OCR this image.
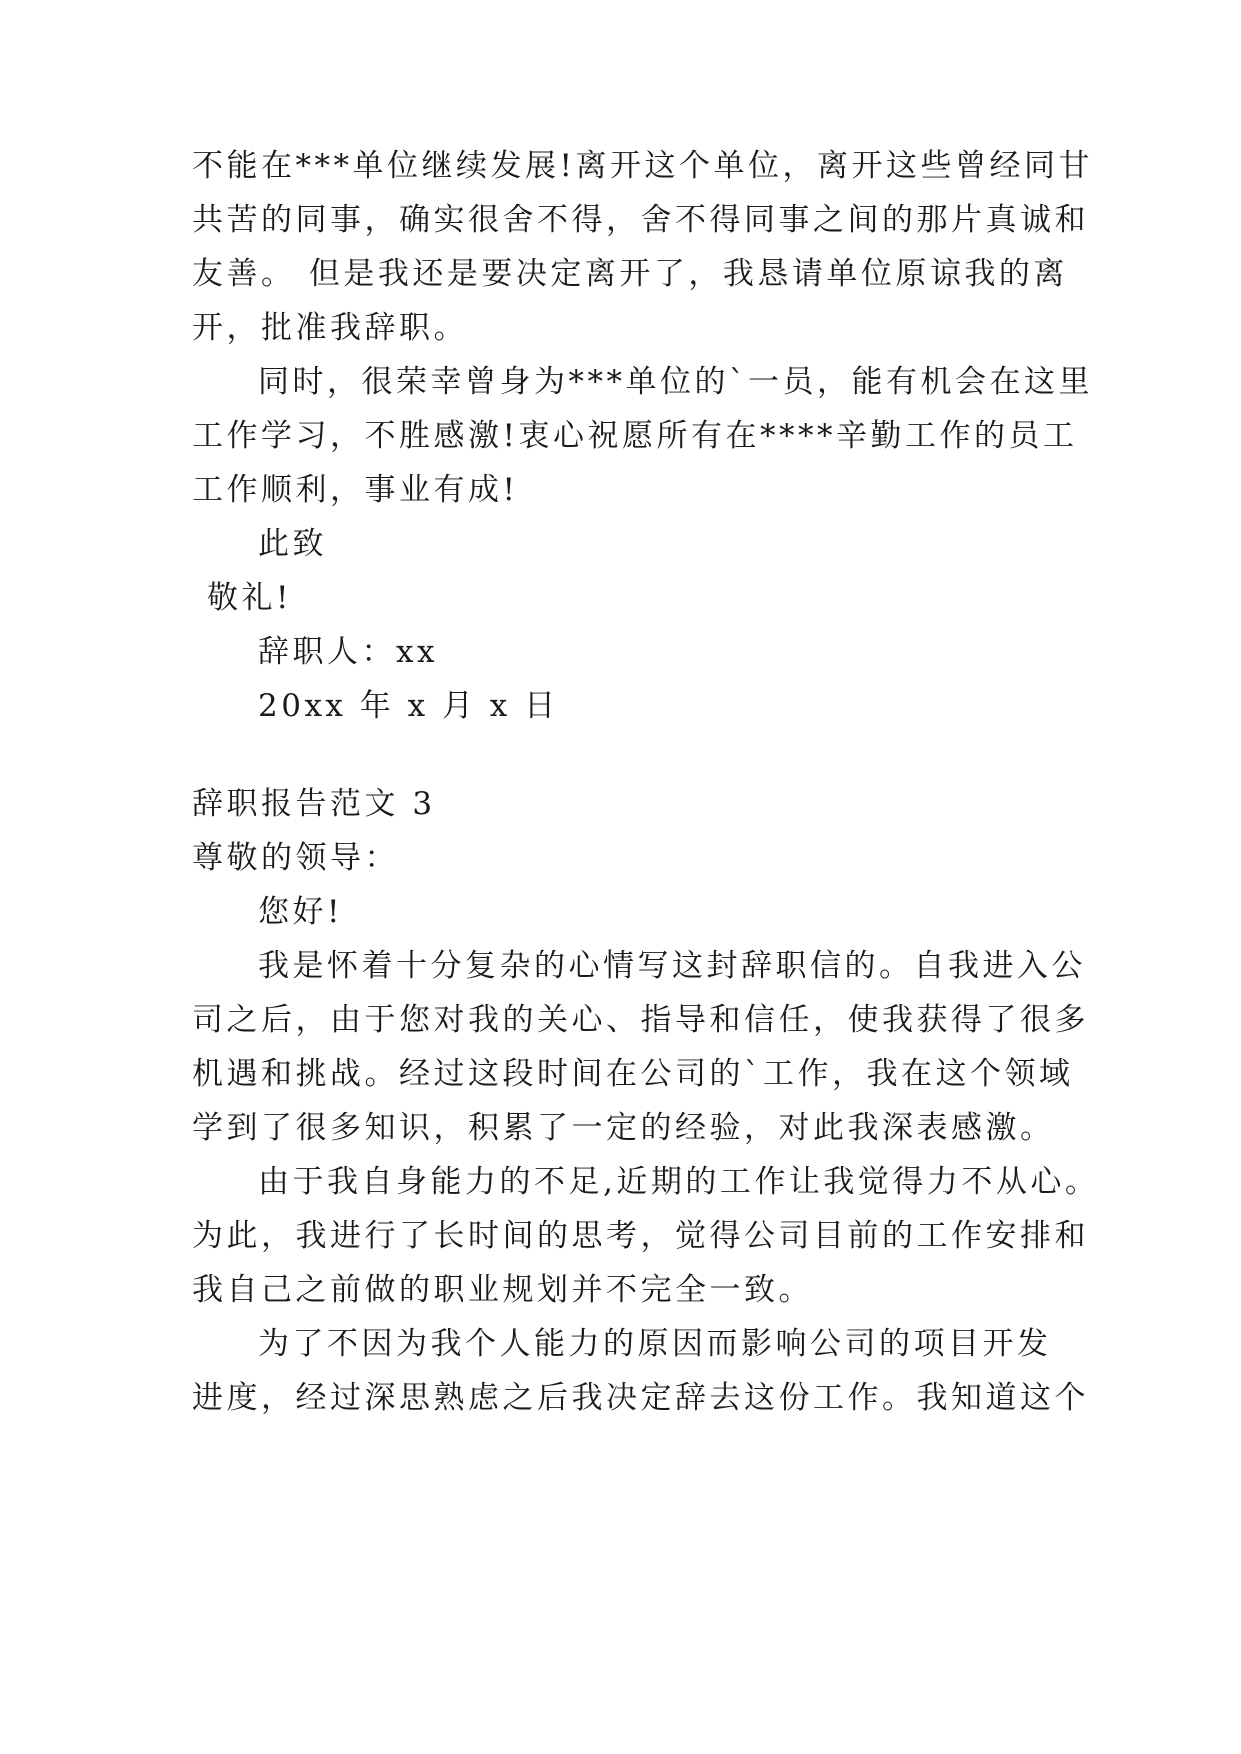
不能在***单位继续发展!离开这个单位，离开这些曾经同甘
共苦的同事，确实很舍不得，舍不得同事之间的那片真诚和
友善。 但是我还是要决定离开了，我恳请单位原谅我的离
开，批准我辞职。
同时，很荣幸曾身为***单位的`一员，能有机会在这里
工作学习，不胜感激!衷心祝愿所有在****辛勤工作的员工
工作顺利，事业有成!
此致
敬礼!
辞职人：xx
20xx 年 x 月 x 日
辞职报告范文 3
尊敬的领导：
您好!
我是怀着十分复杂的心情写这封辞职信的。自我进入公
司之后，由于您对我的关心、指导和信任，使我获得了很多
机遇和挑战。经过这段时间在公司的`工作，我在这个领域
学到了很多知识，积累了一定的经验，对此我深表感激。
由于我自身能力的不足,近期的工作让我觉得力不从心。
为此，我进行了长时间的思考，觉得公司目前的工作安排和
我自己之前做的职业规划并不完全一致。
为了不因为我个人能力的原因而影响公司的项目开发
进度，经过深思熟虑之后我决定辞去这份工作。我知道这个
